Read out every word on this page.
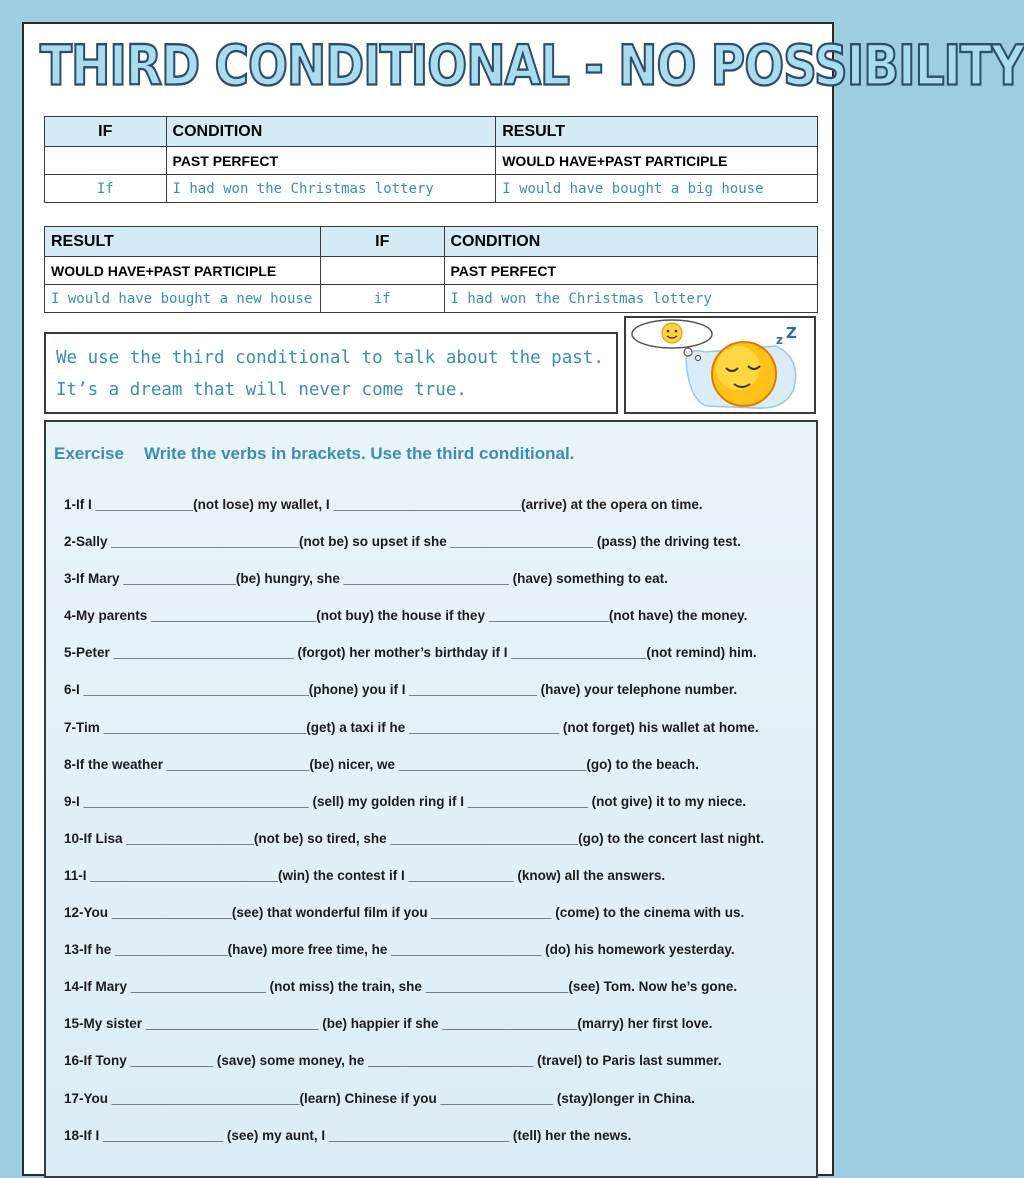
THIRD CONDITIONAL - NO POSSIBILITY
IF	CONDITION	RESULT
	PAST PERFECT	WOULD HAVE+PAST PARTICIPLE
If	I had won the Christmas lottery	I would have bought a big house
RESULT	IF	CONDITION
WOULD HAVE+PAST PARTICIPLE		PAST PERFECT
I would have bought a new house	if	I had won the Christmas lottery
We use the third conditional to talk about the past.
It’s a dream that will never come true.
z Z
Exercise Write the verbs in brackets. Use the third conditional.
1-If I _____________(not lose) my wallet, I _________________________(arrive) at the opera on time.
2-Sally _________________________(not be) so upset if she ___________________ (pass) the driving test.
3-If Mary _______________(be) hungry, she ______________________ (have) something to eat.
4-My parents ______________________(not buy) the house if they ________________(not have) the money.
5-Peter ________________________ (forgot) her mother’s birthday if I __________________(not remind) him.
6-I ______________________________(phone) you if I _________________ (have) your telephone number.
7-Tim ___________________________(get) a taxi if he ____________________ (not forget) his wallet at home.
8-If the weather ___________________(be) nicer, we _________________________(go) to the beach.
9-I ______________________________ (sell) my golden ring if I ________________ (not give) it to my niece.
10-If Lisa _________________(not be) so tired, she _________________________(go) to the concert last night.
11-I _________________________(win) the contest if I ______________ (know) all the answers.
12-You ________________(see) that wonderful film if you ________________ (come) to the cinema with us.
13-If he _______________(have) more free time, he ____________________ (do) his homework yesterday.
14-If Mary __________________ (not miss) the train, she ___________________(see) Tom. Now he’s gone.
15-My sister _______________________ (be) happier if she __________________(marry) her first love.
16-If Tony ___________ (save) some money, he ______________________ (travel) to Paris last summer.
17-You _________________________(learn) Chinese if you _______________ (stay)longer in China.
18-If I ________________ (see) my aunt, I ________________________ (tell) her the news.
